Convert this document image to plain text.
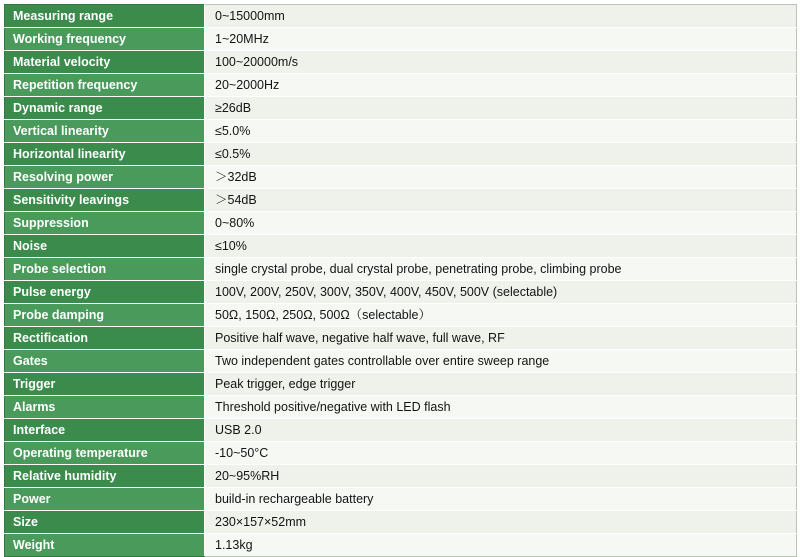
Measuring range	0~15000mm
Working frequency	1~20MHz
Material velocity	100~20000m/s
Repetition frequency	20~2000Hz
Dynamic range	≥26dB
Vertical linearity	≤5.0%
Horizontal linearity	≤0.5%
Resolving power	＞32dB
Sensitivity leavings	＞54dB
Suppression	0~80%
Noise	≤10%
Probe selection	single crystal probe, dual crystal probe, penetrating probe, climbing probe
Pulse energy	100V, 200V, 250V, 300V, 350V, 400V, 450V, 500V (selectable)
Probe damping	50Ω, 150Ω, 250Ω, 500Ω（selectable）
Rectification	Positive half wave, negative half wave, full wave, RF
Gates	Two independent gates controllable over entire sweep range
Trigger	Peak trigger, edge trigger
Alarms	Threshold positive/negative with LED flash
Interface	USB 2.0
Operating temperature	-10~50°C
Relative humidity	20~95%RH
Power	build-in rechargeable battery
Size	230×157×52mm
Weight	1.13kg
